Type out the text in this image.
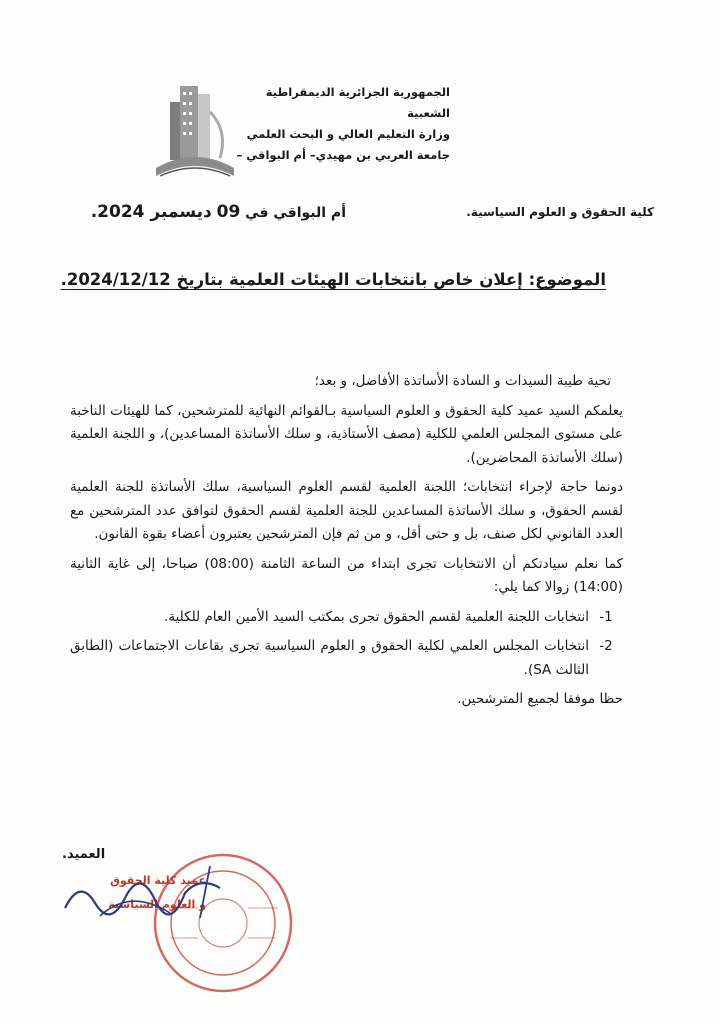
الجمهورية الجزائرية الديمقراطية الشعبية
وزارة التعليم العالي و البحث العلمي
جامعة العربي بن مهيدي– أم البواقي –
كلية الحقوق و العلوم السياسية.
أم البواقي في 09 ديسمبر 2024.
الموضوع: إعلان خاص بانتخابات الهيئات العلمية بتاريخ 2024/12/12.

تحية طيبة السيدات و السادة الأساتذة الأفاضل، و بعد؛

يعلمكم السيد عميد كلية الحقوق و العلوم السياسية بـالقوائم النهائية للمترشحين، كما للهيئات الناخبة على مستوى المجلس العلمي للكلية (مصف الأستاذية، و سلك الأساتذة المساعدين)، و اللجنة العلمية (سلك الأساتذة المحاضرين).

دونما حاجة لإجراء انتخابات؛ اللجنة العلمية لقسم العلوم السياسية، سلك الأساتذة للجنة العلمية لقسم الحقوق، و سلك الأساتذة المساعدين للجنة العلمية لقسم الحقوق لتوافق عدد المترشحين مع العدد القانوني لكل صنف، بل و حتى أقل، و من ثم فإن المترشحين يعتبرون أعضاء بقوة القانون.

كما نعلم سيادتكم أن الانتخابات تجرى ابتداء من الساعة الثامنة (08:00) صباحا، إلى غاية الثانية (14:00) زوالا كما يلي:

1-
انتخابات اللجنة العلمية لقسم الحقوق تجرى بمكتب السيد الأمين العام للكلية.
2-
انتخابات المجلس العلمي لكلية الحقوق و العلوم السياسية تجرى بقاعات الاجتماعات (الطابق الثالث SA).

حظا موفقا لجميع المترشحين.

العميد.
عميد كلية الحقوق
و العلوم السياسية
